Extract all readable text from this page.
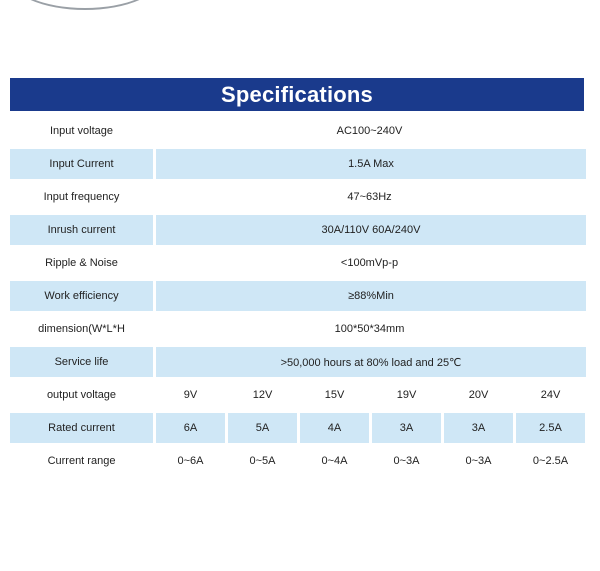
Specifications
Input voltage	AC100~240V
Input Current	1.5A Max
Input frequency	47~63Hz
Inrush current	30A/110V 60A/240V
Ripple & Noise	<100mVp-p
Work efficiency	≥88%Min
dimension(W*L*H	100*50*34mm
Service life	>50,000 hours at 80% load and 25℃
output voltage	9V	12V	15V	19V	20V	24V
Rated current	6A	5A	4A	3A	3A	2.5A
Current range	0~6A	0~5A	0~4A	0~3A	0~3A	0~2.5A
